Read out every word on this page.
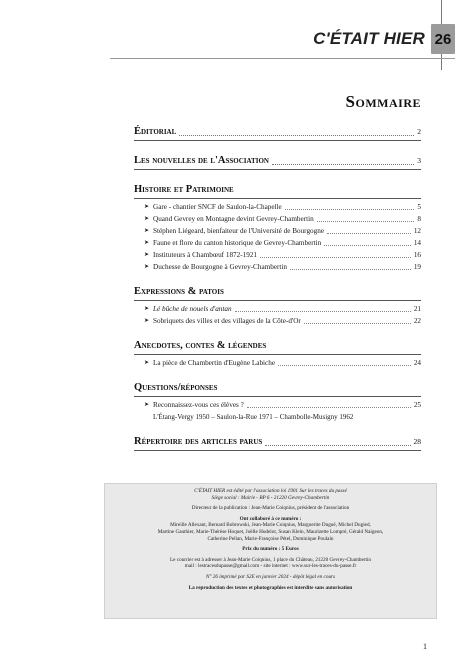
C'ÉTAIT HIER 26
Sommaire
Éditorial	2
Les nouvelles de l'Association	3
Histoire et Patrimoine
➤ Gare - chantier SNCF de Saulon-la-Chapelle	5
➤ Quand Gevrey en Montagne devint Gevrey-Chambertin	8
➤ Stéphen Liégeard, bienfaiteur de l'Université de Bourgogne	12
➤ Faune et flore du canton historique de Gevrey-Chambertin	14
➤ Instituteurs à Chambœuf 1872-1921	16
➤ Duchesse de Bourgogne à Gevrey-Chambertin	19
Expressions & patois
➤ Lé bûche de nouels d'antan	21
➤ Sobriquets des villes et des villages de la Côte-d'Or	22
Anecdotes, contes & légendes
➤ La pièce de Chambertin d'Eugène Labiche	24
Questions/réponses
➤ Reconnaissez-vous ces élèves ?	25
L'Étang-Vergy 1950 – Saulon-la-Rue 1971 – Chambolle-Musigny 1962
Répertoire des articles parus	28
C'ÉTAIT HIER est édité par l'association loi 1901 Sur les traces du passé
Siège social : Mairie - BP 6 - 21220 Gevrey-Chambertin
Directeur de la publication : Jean-Marie Coiqnius, président de l'association
Ont collaboré à ce numéro :
Mireille Allexant, Bernard Bobrowski, Jean-Marie Coiqnius, Marguerite Duguë, Michel Dugied,
Martine Gauthier, Marie-Thérèse Hoquet, Joëlle Hudelot, Susan Klein, Maurizette Lompré, Gérald Naigeon,
Catherine Pellan, Marie-Françoise Pétel, Dominique Poulain
Prix du numéro : 5 Euros
Le courrier est à adresser à Jean-Marie Coiqnius, 1 place du Château, 21220 Gevrey-Chambertin
mail : lestracesdupasse@gmail.com - site internet : www.sur-les-traces-du-passe.fr
N° 26 imprimé par S2E en janvier 2024 - dépôt légal en cours
La reproduction des textes et photographies est interdite sans autorisation
1
